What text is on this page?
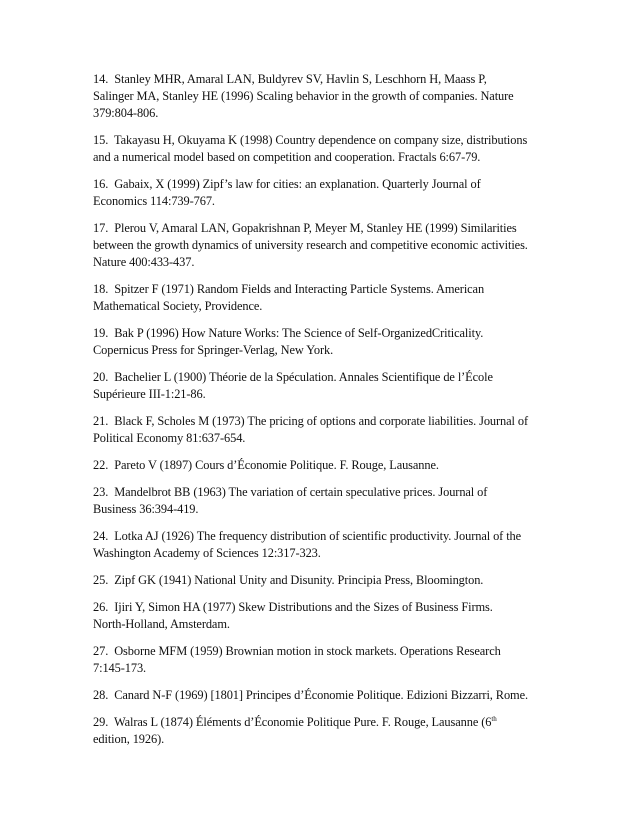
14. Stanley MHR, Amaral LAN, Buldyrev SV, Havlin S, Leschhorn H, Maass P,
Salinger MA, Stanley HE (1996) Scaling behavior in the growth of companies. Nature
379:804-806.
15. Takayasu H, Okuyama K (1998) Country dependence on company size, distributions
and a numerical model based on competition and cooperation. Fractals 6:67-79.
16. Gabaix, X (1999) Zipf’s law for cities: an explanation. Quarterly Journal of
Economics 114:739-767.
17. Plerou V, Amaral LAN, Gopakrishnan P, Meyer M, Stanley HE (1999) Similarities
between the growth dynamics of university research and competitive economic activities.
Nature 400:433-437.
18. Spitzer F (1971) Random Fields and Interacting Particle Systems. American
Mathematical Society, Providence.
19. Bak P (1996) How Nature Works: The Science of Self-OrganizedCriticality.
Copernicus Press for Springer-Verlag, New York.
20. Bachelier L (1900) Théorie de la Spéculation. Annales Scientifique de l’École
Supérieure III-1:21-86.
21. Black F, Scholes M (1973) The pricing of options and corporate liabilities. Journal of
Political Economy 81:637-654.
22. Pareto V (1897) Cours d’Économie Politique. F. Rouge, Lausanne.
23. Mandelbrot BB (1963) The variation of certain speculative prices. Journal of
Business 36:394-419.
24. Lotka AJ (1926) The frequency distribution of scientific productivity. Journal of the
Washington Academy of Sciences 12:317-323.
25. Zipf GK (1941) National Unity and Disunity. Principia Press, Bloomington.
26. Ijiri Y, Simon HA (1977) Skew Distributions and the Sizes of Business Firms.
North-Holland, Amsterdam.
27. Osborne MFM (1959) Brownian motion in stock markets. Operations Research
7:145-173.
28. Canard N-F (1969) [1801] Principes d’Économie Politique. Edizioni Bizzarri, Rome.
29. Walras L (1874) Éléments d’Économie Politique Pure. F. Rouge, Lausanne (6th
edition, 1926).
